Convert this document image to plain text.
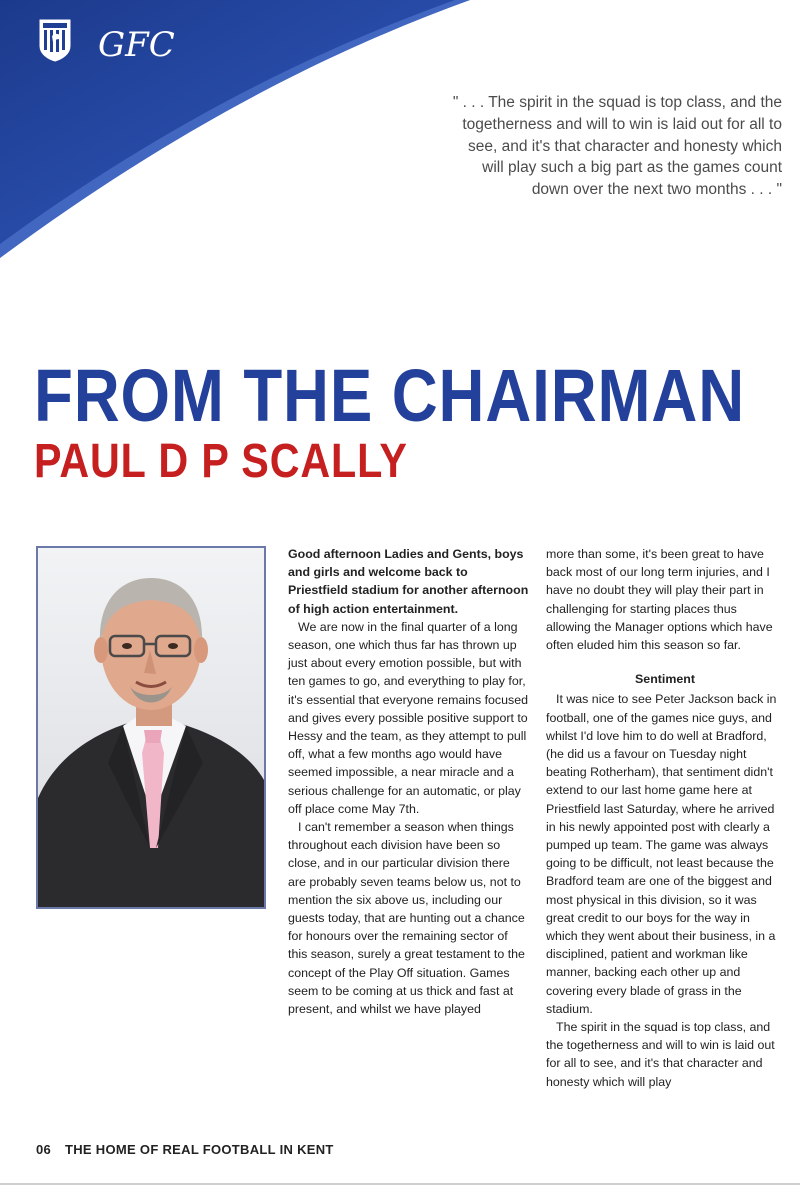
GFC
" . . . The spirit in the squad is top class, and the togetherness and will to win is laid out for all to see, and it's that character and honesty which will play such a big part as the games count down over the next two months . . . "
FROM THE CHAIRMAN
PAUL D P SCALLY

Good afternoon Ladies and Gents, boys and girls and welcome back to Priestfield stadium for another afternoon of high action entertainment.

We are now in the final quarter of a long season, one which thus far has thrown up just about every emotion possible, but with ten games to go, and everything to play for, it's essential that everyone remains focused and gives every possible positive support to Hessy and the team, as they attempt to pull off, what a few months ago would have seemed impossible, a near miracle and a serious challenge for an automatic, or play off place come May 7th.

I can't remember a season when things throughout each division have been so close, and in our particular division there are probably seven teams below us, not to mention the six above us, including our guests today, that are hunting out a chance for honours over the remaining sector of this season, surely a great testament to the concept of the Play Off situation. Games seem to be coming at us thick and fast at present, and whilst we have played

more than some, it's been great to have back most of our long term injuries, and I have no doubt they will play their part in challenging for starting places thus allowing the Manager options which have often eluded him this season so far.

Sentiment

It was nice to see Peter Jackson back in football, one of the games nice guys, and whilst I'd love him to do well at Bradford, (he did us a favour on Tuesday night beating Rotherham), that sentiment didn't extend to our last home game here at Priestfield last Saturday, where he arrived in his newly appointed post with clearly a pumped up team. The game was always going to be difficult, not least because the Bradford team are one of the biggest and most physical in this division, so it was great credit to our boys for the way in which they went about their business, in a disciplined, patient and workman like manner, backing each other up and covering every blade of grass in the stadium.

The spirit in the squad is top class, and the togetherness and will to win is laid out for all to see, and it's that character and honesty which will play

06 THE HOME OF REAL FOOTBALL IN KENT
